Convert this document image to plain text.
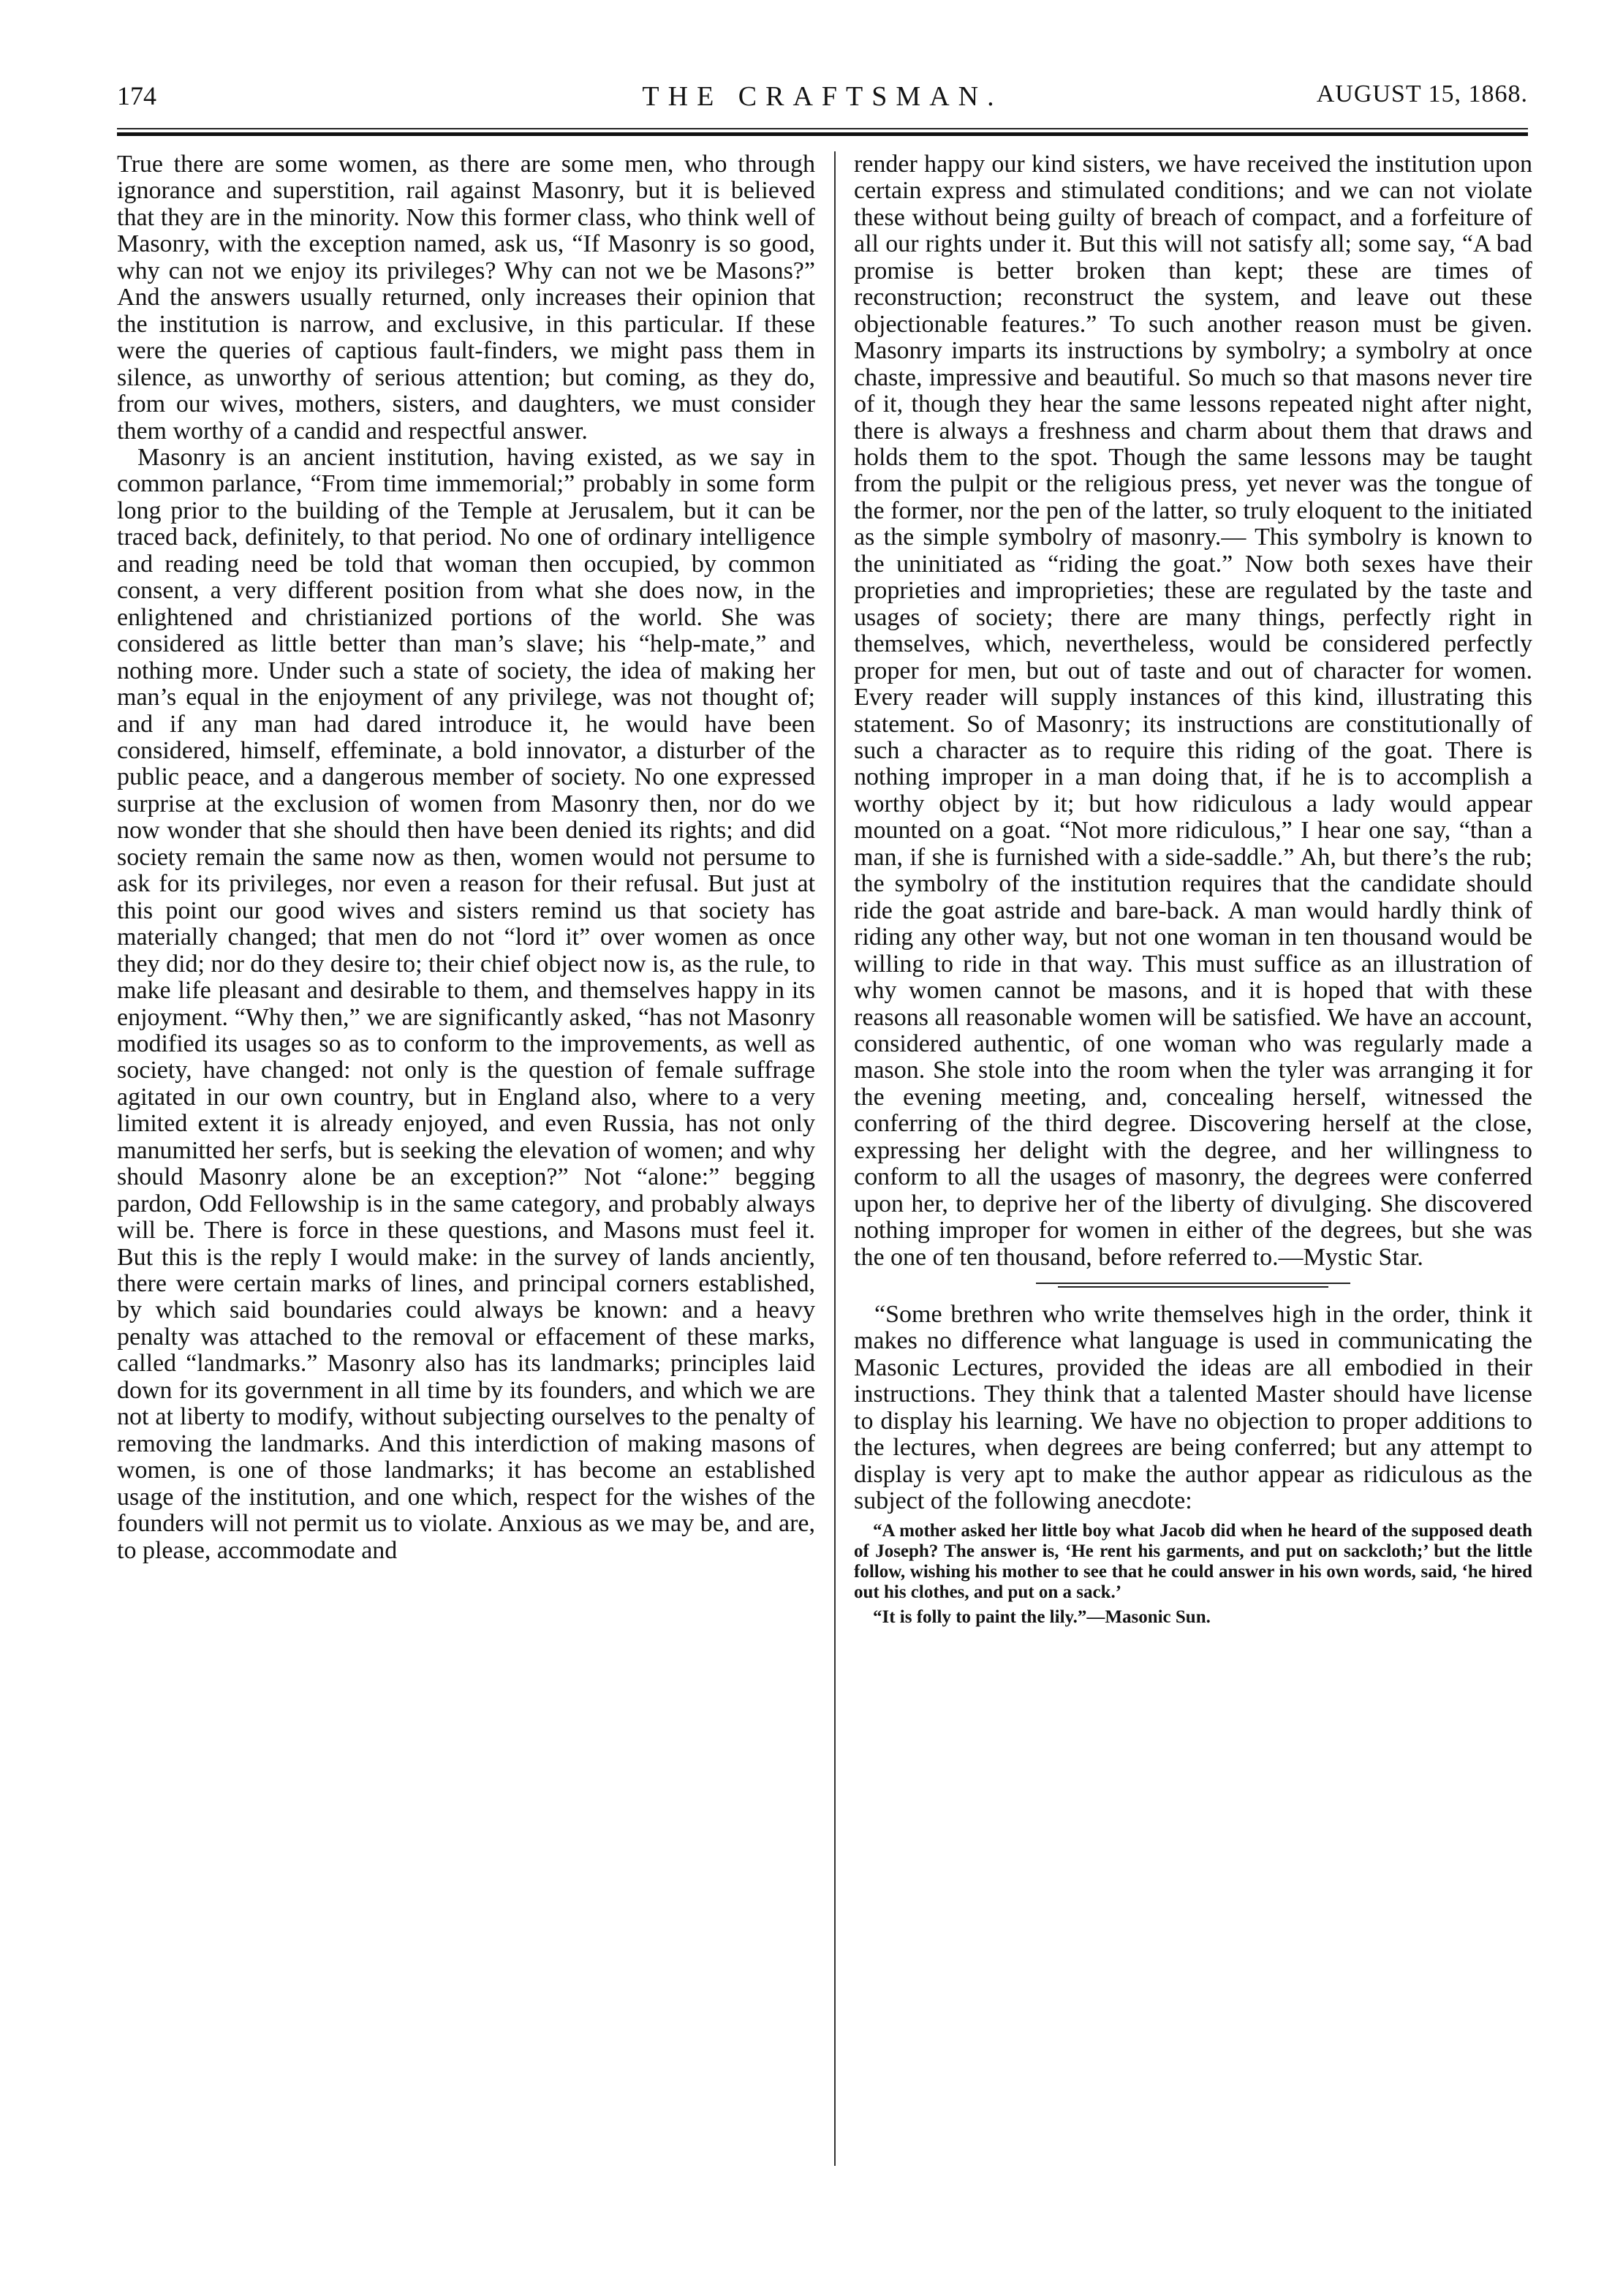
174	THE CRAFTSMAN.	AUGUST 15, 1868.

True there are some women, as there are some men, who through ignorance and superstition, rail against Masonry, but it is believed that they are in the minority. Now this former class, who think well of Masonry, with the exception named, ask us, “If Masonry is so good, why can not we enjoy its privileges? Why can not we be Masons?” And the answers usually returned, only increases their opinion that the institution is narrow, and exclusive, in this particular. If these were the queries of captious fault-finders, we might pass them in silence, as unworthy of serious attention; but coming, as they do, from our wives, mothers, sisters, and daughters, we must consider them worthy of a candid and respectful answer.

Masonry is an ancient institution, having existed, as we say in common parlance, “From time immemorial;” probably in some form long prior to the building of the Temple at Jerusalem, but it can be traced back, definitely, to that period. No one of ordinary intelligence and reading need be told that woman then occupied, by common consent, a very different position from what she does now, in the enlightened and christianized portions of the world. She was considered as little better than man’s slave; his “help-mate,” and nothing more. Under such a state of society, the idea of making her man’s equal in the enjoyment of any privilege, was not thought of; and if any man had dared introduce it, he would have been considered, himself, effeminate, a bold innovator, a disturber of the public peace, and a dangerous member of society. No one expressed surprise at the exclusion of women from Masonry then, nor do we now wonder that she should then have been denied its rights; and did society remain the same now as then, women would not persume to ask for its privileges, nor even a reason for their refusal. But just at this point our good wives and sisters remind us that society has materially changed; that men do not “lord it” over women as once they did; nor do they desire to; their chief object now is, as the rule, to make life pleasant and desirable to them, and themselves happy in its enjoyment. “Why then,” we are significantly asked, “has not Masonry modified its usages so as to conform to the improvements, as well as society, have changed: not only is the question of female suffrage agitated in our own country, but in England also, where to a very limited extent it is already enjoyed, and even Russia, has not only manumitted her serfs, but is seeking the elevation of women; and why should Masonry alone be an exception?” Not “alone:” begging pardon, Odd Fellowship is in the same category, and probably always will be. There is force in these questions, and Masons must feel it. But this is the reply I would make: in the survey of lands anciently, there were certain marks of lines, and principal corners established, by which said boundaries could always be known: and a heavy penalty was attached to the removal or effacement of these marks, called “landmarks.” Masonry also has its landmarks; principles laid down for its government in all time by its founders, and which we are not at liberty to modify, without subjecting ourselves to the penalty of removing the landmarks. And this interdiction of making masons of women, is one of those landmarks; it has become an established usage of the institution, and one which, respect for the wishes of the founders will not permit us to violate. Anxious as we may be, and are, to please, accommodate and

render happy our kind sisters, we have received the institution upon certain express and stimulated conditions; and we can not violate these without being guilty of breach of compact, and a forfeiture of all our rights under it. But this will not satisfy all; some say, “A bad promise is better broken than kept; these are times of reconstruction; reconstruct the system, and leave out these objectionable features.” To such another reason must be given. Masonry imparts its instructions by symbolry; a symbolry at once chaste, impressive and beautiful. So much so that masons never tire of it, though they hear the same lessons repeated night after night, there is always a freshness and charm about them that draws and holds them to the spot. Though the same lessons may be taught from the pulpit or the religious press, yet never was the tongue of the former, nor the pen of the latter, so truly eloquent to the initiated as the simple symbolry of masonry.— This symbolry is known to the uninitiated as “riding the goat.” Now both sexes have their proprieties and improprieties; these are regulated by the taste and usages of society; there are many things, perfectly right in themselves, which, nevertheless, would be considered perfectly proper for men, but out of taste and out of character for women. Every reader will supply instances of this kind, illustrating this statement. So of Masonry; its instructions are constitutionally of such a character as to require this riding of the goat. There is nothing improper in a man doing that, if he is to accomplish a worthy object by it; but how ridiculous a lady would appear mounted on a goat. “Not more ridiculous,” I hear one say, “than a man, if she is furnished with a side-saddle.” Ah, but there’s the rub; the symbolry of the institution requires that the candidate should ride the goat astride and bare-back. A man would hardly think of riding any other way, but not one woman in ten thousand would be willing to ride in that way. This must suffice as an illustration of why women cannot be masons, and it is hoped that with these reasons all reasonable women will be satisfied. We have an account, considered authentic, of one woman who was regularly made a mason. She stole into the room when the tyler was arranging it for the evening meeting, and, concealing herself, witnessed the conferring of the third degree. Discovering herself at the close, expressing her delight with the degree, and her willingness to conform to all the usages of masonry, the degrees were conferred upon her, to deprive her of the liberty of divulging. She discovered nothing improper for women in either of the degrees, but she was the one of ten thousand, before referred to.—Mystic Star.

“Some brethren who write themselves high in the order, think it makes no difference what language is used in communicating the Masonic Lectures, provided the ideas are all embodied in their instructions. They think that a talented Master should have license to display his learning. We have no objection to proper additions to the lectures, when degrees are being conferred; but any attempt to display is very apt to make the author appear as ridiculous as the subject of the following anecdote:

“A mother asked her little boy what Jacob did when he heard of the supposed death of Joseph? The answer is, ‘He rent his garments, and put on sackcloth;’ but the little follow, wishing his mother to see that he could answer in his own words, said, ‘he hired out his clothes, and put on a sack.’

“It is folly to paint the lily.”—Masonic Sun.
